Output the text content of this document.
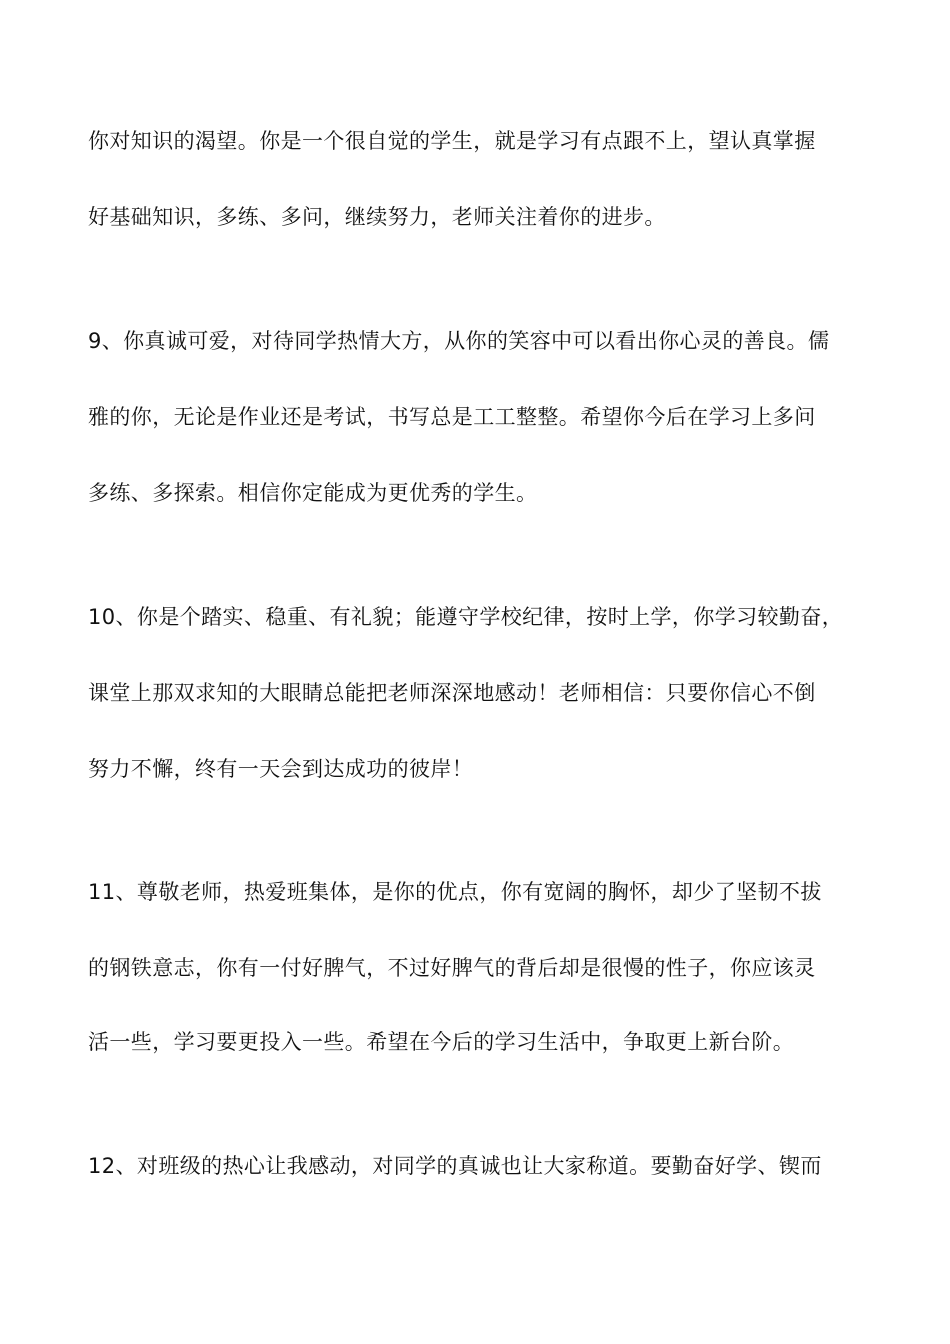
你对知识的渴望。你是一个很自觉的学生，就是学习有点跟不上，望认真掌握
好基础知识，多练、多问，继续努力，老师关注着你的进步。
9、你真诚可爱，对待同学热情大方，从你的笑容中可以看出你心灵的善良。儒
雅的你，无论是作业还是考试，书写总是工工整整。希望你今后在学习上多问
多练、多探索。相信你定能成为更优秀的学生。
10、你是个踏实、稳重、有礼貌；能遵守学校纪律，按时上学，你学习较勤奋，
课堂上那双求知的大眼睛总能把老师深深地感动！老师相信：只要你信心不倒
努力不懈，终有一天会到达成功的彼岸！
11、尊敬老师，热爱班集体，是你的优点，你有宽阔的胸怀，却少了坚韧不拔
的钢铁意志，你有一付好脾气，不过好脾气的背后却是很慢的性子，你应该灵
活一些，学习要更投入一些。希望在今后的学习生活中，争取更上新台阶。
12、对班级的热心让我感动，对同学的真诚也让大家称道。要勤奋好学、锲而
